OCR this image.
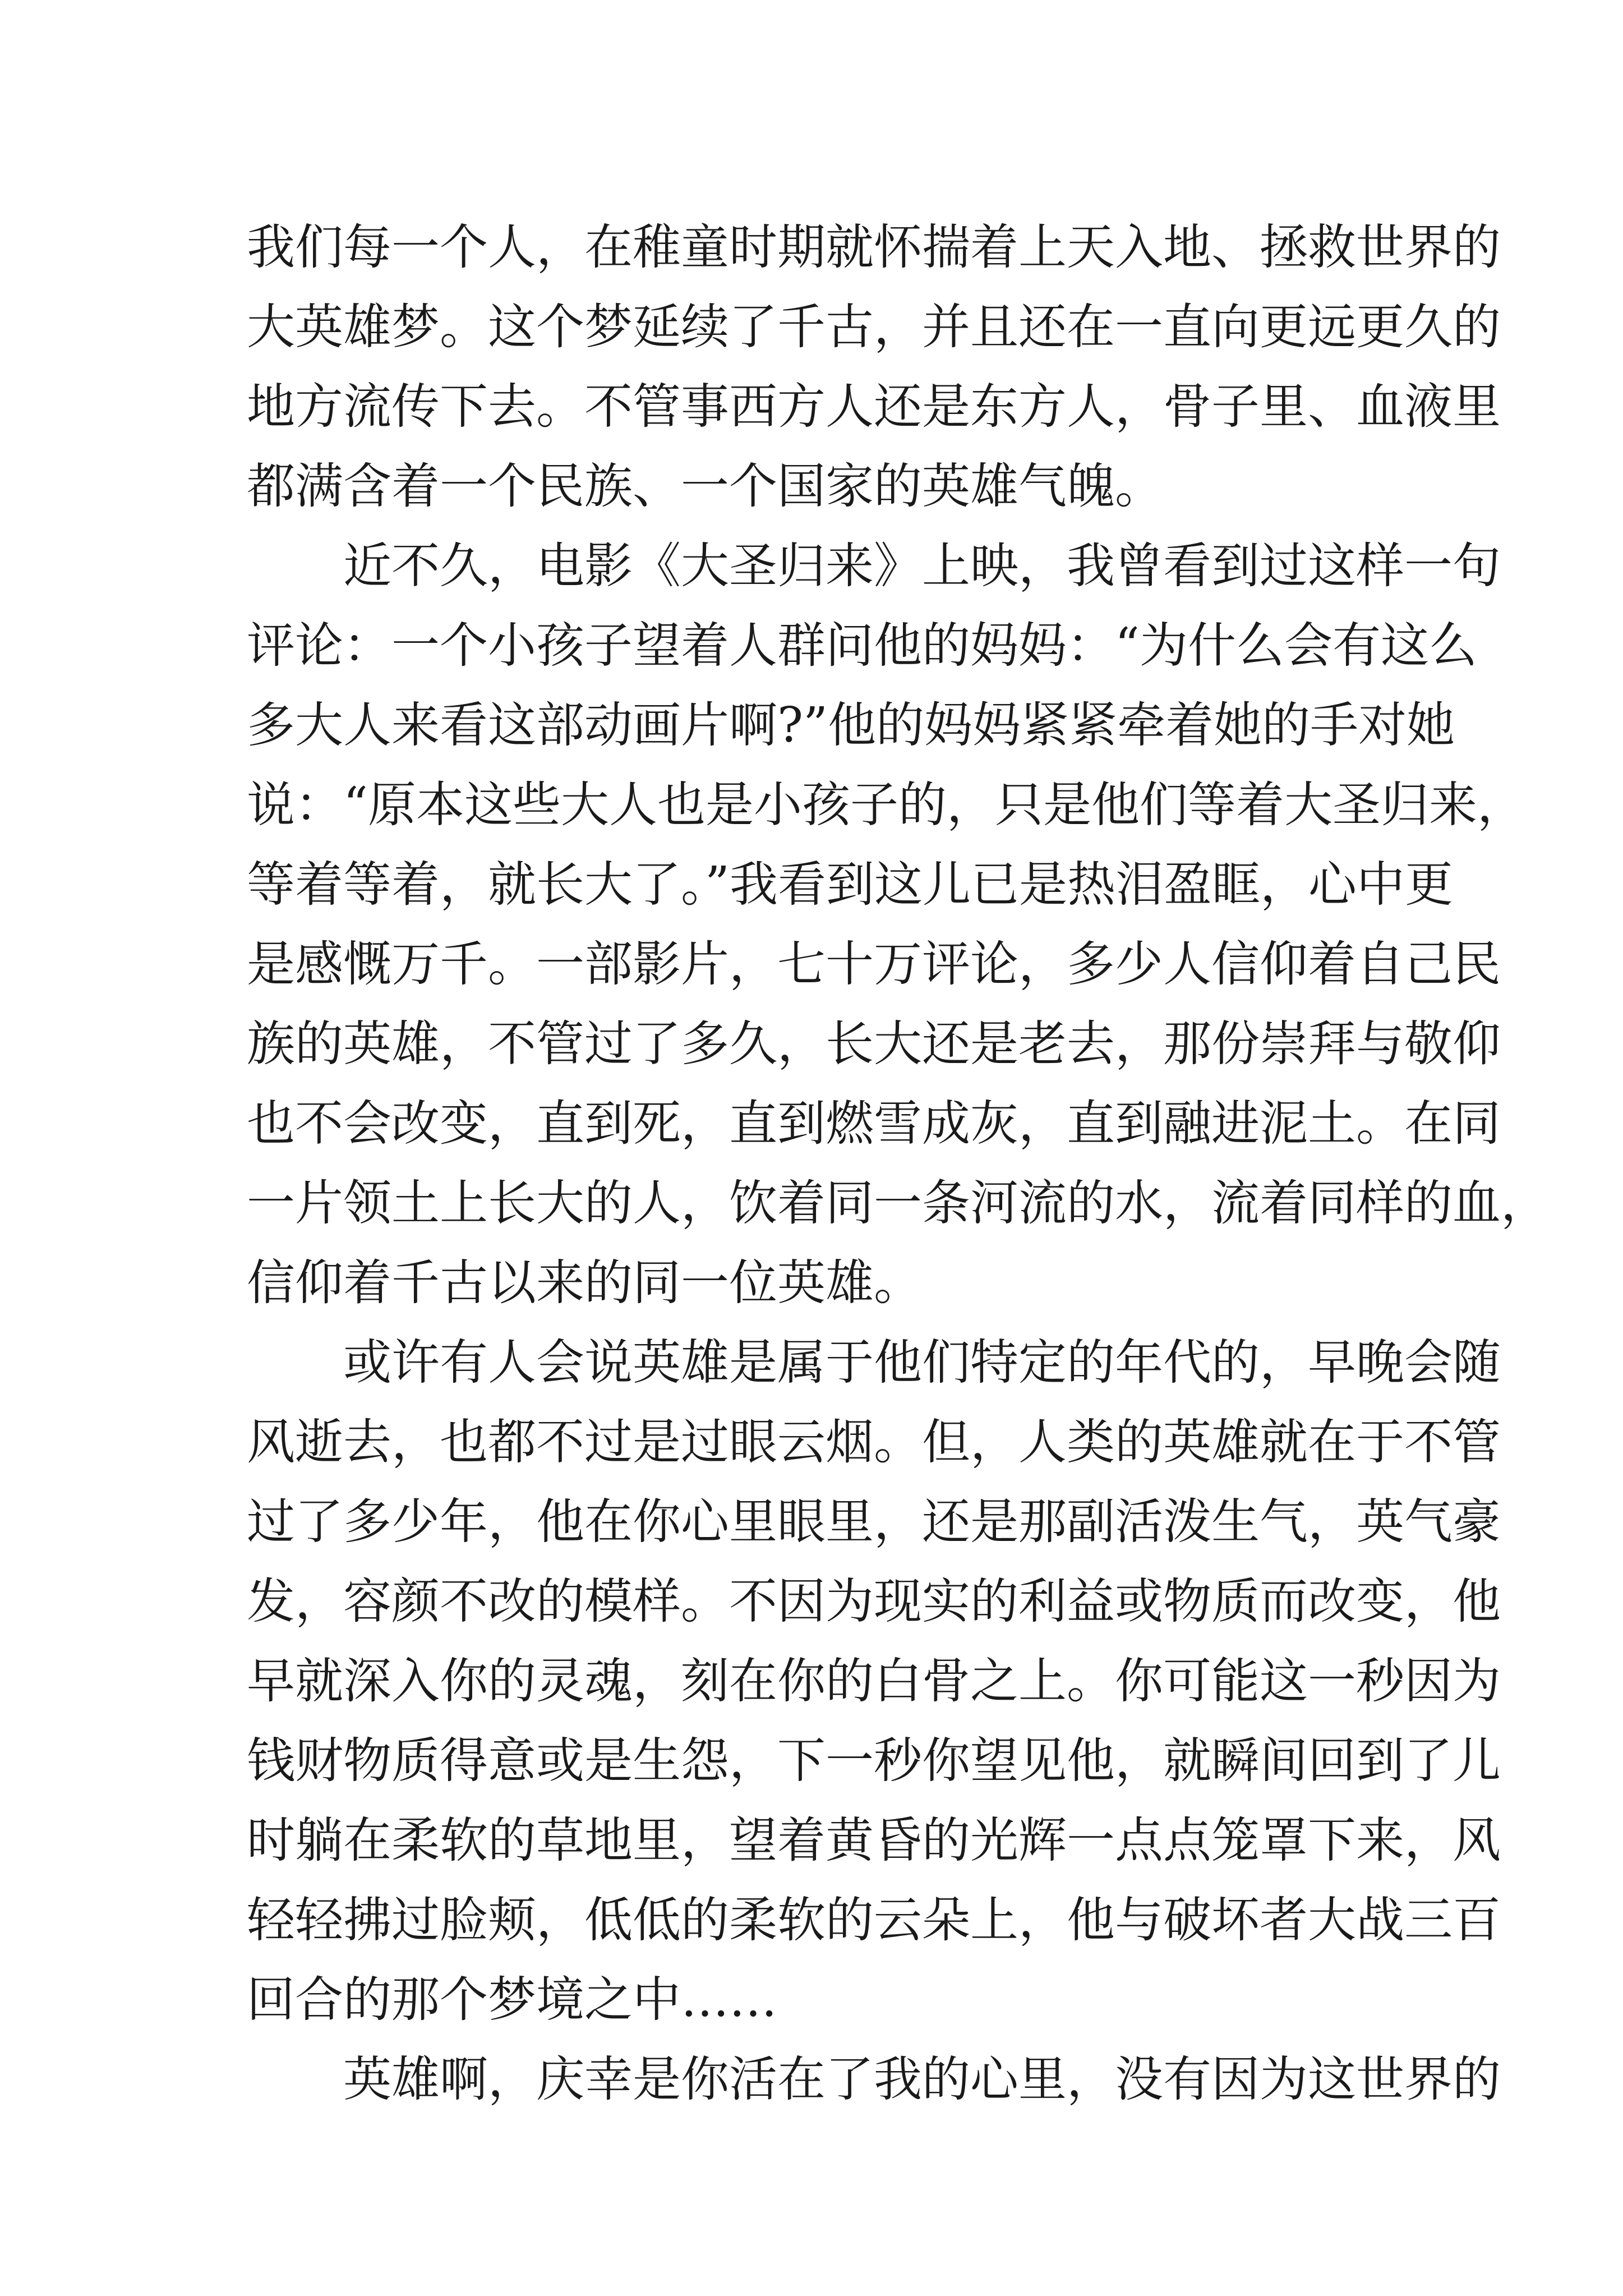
我们每一个人，在稚童时期就怀揣着上天入地、拯救世界的
大英雄梦。这个梦延续了千古，并且还在一直向更远更久的
地方流传下去。不管事西方人还是东方人，骨子里、血液里
都满含着一个民族、一个国家的英雄气魄。
近不久，电影《大圣归来》上映，我曾看到过这样一句
评论：一个小孩子望着人群问他的妈妈：“为什么会有这么
多大人来看这部动画片啊?”他的妈妈紧紧牵着她的手对她
说：“原本这些大人也是小孩子的，只是他们等着大圣归来，
等着等着，就长大了。”我看到这儿已是热泪盈眶，心中更
是感慨万千。一部影片，七十万评论，多少人信仰着自己民
族的英雄，不管过了多久，长大还是老去，那份崇拜与敬仰
也不会改变，直到死，直到燃雪成灰，直到融进泥土。在同
一片领土上长大的人，饮着同一条河流的水，流着同样的血，
信仰着千古以来的同一位英雄。
或许有人会说英雄是属于他们特定的年代的，早晚会随
风逝去，也都不过是过眼云烟。但，人类的英雄就在于不管
过了多少年，他在你心里眼里，还是那副活泼生气，英气豪
发，容颜不改的模样。不因为现实的利益或物质而改变，他
早就深入你的灵魂，刻在你的白骨之上。你可能这一秒因为
钱财物质得意或是生怨，下一秒你望见他，就瞬间回到了儿
时躺在柔软的草地里，望着黄昏的光辉一点点笼罩下来，风
轻轻拂过脸颊，低低的柔软的云朵上，他与破坏者大战三百
回合的那个梦境之中……
英雄啊，庆幸是你活在了我的心里，没有因为这世界的
